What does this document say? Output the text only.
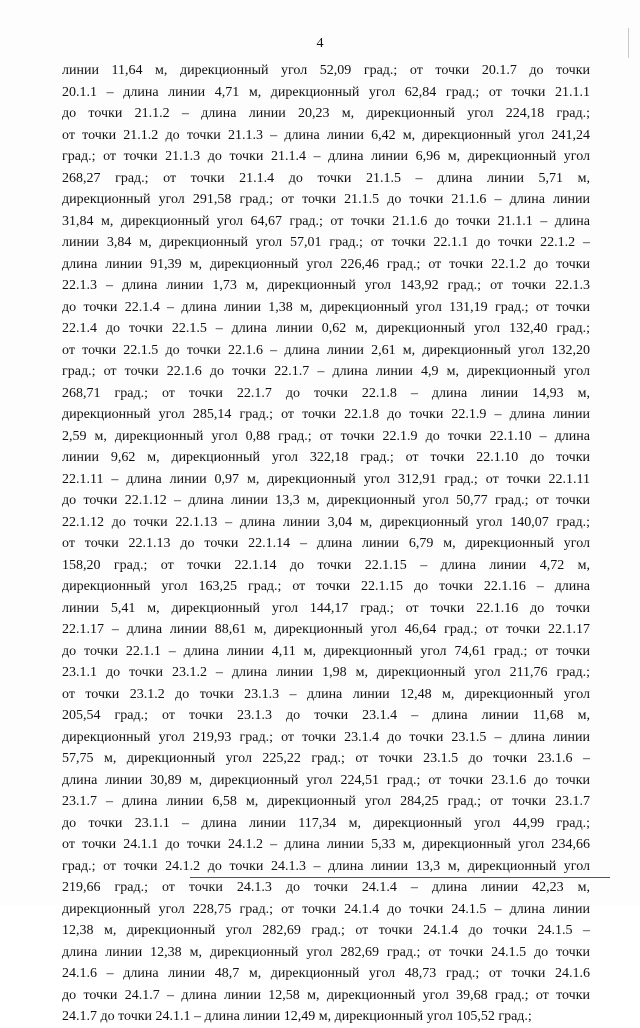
4
линии 11,64 м, дирекционный угол 52,09 град.; от точки 20.1.7 до точки
20.1.1 – длина линии 4,71 м, дирекционный угол 62,84 град.; от точки 21.1.1
до точки 21.1.2 – длина линии 20,23 м, дирекционный угол 224,18 град.;
от точки 21.1.2 до точки 21.1.3 – длина линии 6,42 м, дирекционный угол 241,24
град.; от точки 21.1.3 до точки 21.1.4 – длина линии 6,96 м, дирекционный угол
268,27 град.; от точки 21.1.4 до точки 21.1.5 – длина линии 5,71 м,
дирекционный угол 291,58 град.; от точки 21.1.5 до точки 21.1.6 – длина линии
31,84 м, дирекционный угол 64,67 град.; от точки 21.1.6 до точки 21.1.1 – длина
линии 3,84 м, дирекционный угол 57,01 град.; от точки 22.1.1 до точки 22.1.2 –
длина линии 91,39 м, дирекционный угол 226,46 град.; от точки 22.1.2 до точки
22.1.3 – длина линии 1,73 м, дирекционный угол 143,92 град.; от точки 22.1.3
до точки 22.1.4 – длина линии 1,38 м, дирекционный угол 131,19 град.; от точки
22.1.4 до точки 22.1.5 – длина линии 0,62 м, дирекционный угол 132,40 град.;
от точки 22.1.5 до точки 22.1.6 – длина линии 2,61 м, дирекционный угол 132,20
град.; от точки 22.1.6 до точки 22.1.7 – длина линии 4,9 м, дирекционный угол
268,71 град.; от точки 22.1.7 до точки 22.1.8 – длина линии 14,93 м,
дирекционный угол 285,14 град.; от точки 22.1.8 до точки 22.1.9 – длина линии
2,59 м, дирекционный угол 0,88 град.; от точки 22.1.9 до точки 22.1.10 – длина
линии 9,62 м, дирекционный угол 322,18 град.; от точки 22.1.10 до точки
22.1.11 – длина линии 0,97 м, дирекционный угол 312,91 град.; от точки 22.1.11
до точки 22.1.12 – длина линии 13,3 м, дирекционный угол 50,77 град.; от точки
22.1.12 до точки 22.1.13 – длина линии 3,04 м, дирекционный угол 140,07 град.;
от точки 22.1.13 до точки 22.1.14 – длина линии 6,79 м, дирекционный угол
158,20 град.; от точки 22.1.14 до точки 22.1.15 – длина линии 4,72 м,
дирекционный угол 163,25 град.; от точки 22.1.15 до точки 22.1.16 – длина
линии 5,41 м, дирекционный угол 144,17 град.; от точки 22.1.16 до точки
22.1.17 – длина линии 88,61 м, дирекционный угол 46,64 град.; от точки 22.1.17
до точки 22.1.1 – длина линии 4,11 м, дирекционный угол 74,61 град.; от точки
23.1.1 до точки 23.1.2 – длина линии 1,98 м, дирекционный угол 211,76 град.;
от точки 23.1.2 до точки 23.1.3 – длина линии 12,48 м, дирекционный угол
205,54 град.; от точки 23.1.3 до точки 23.1.4 – длина линии 11,68 м,
дирекционный угол 219,93 град.; от точки 23.1.4 до точки 23.1.5 – длина линии
57,75 м, дирекционный угол 225,22 град.; от точки 23.1.5 до точки 23.1.6 –
длина линии 30,89 м, дирекционный угол 224,51 град.; от точки 23.1.6 до точки
23.1.7 – длина линии 6,58 м, дирекционный угол 284,25 град.; от точки 23.1.7
до точки 23.1.1 – длина линии 117,34 м, дирекционный угол 44,99 град.;
от точки 24.1.1 до точки 24.1.2 – длина линии 5,33 м, дирекционный угол 234,66
град.; от точки 24.1.2 до точки 24.1.3 – длина линии 13,3 м, дирекционный угол
219,66 град.; от точки 24.1.3 до точки 24.1.4 – длина линии 42,23 м,
дирекционный угол 228,75 град.; от точки 24.1.4 до точки 24.1.5 – длина линии
12,38 м, дирекционный угол 282,69 град.; от точки 24.1.4 до точки 24.1.5 –
длина линии 12,38 м, дирекционный угол 282,69 град.; от точки 24.1.5 до точки
24.1.6 – длина линии 48,7 м, дирекционный угол 48,73 град.; от точки 24.1.6
до точки 24.1.7 – длина линии 12,58 м, дирекционный угол 39,68 град.; от точки
24.1.7 до точки 24.1.1 – длина линии 12,49 м, дирекционный угол 105,52 град.;
